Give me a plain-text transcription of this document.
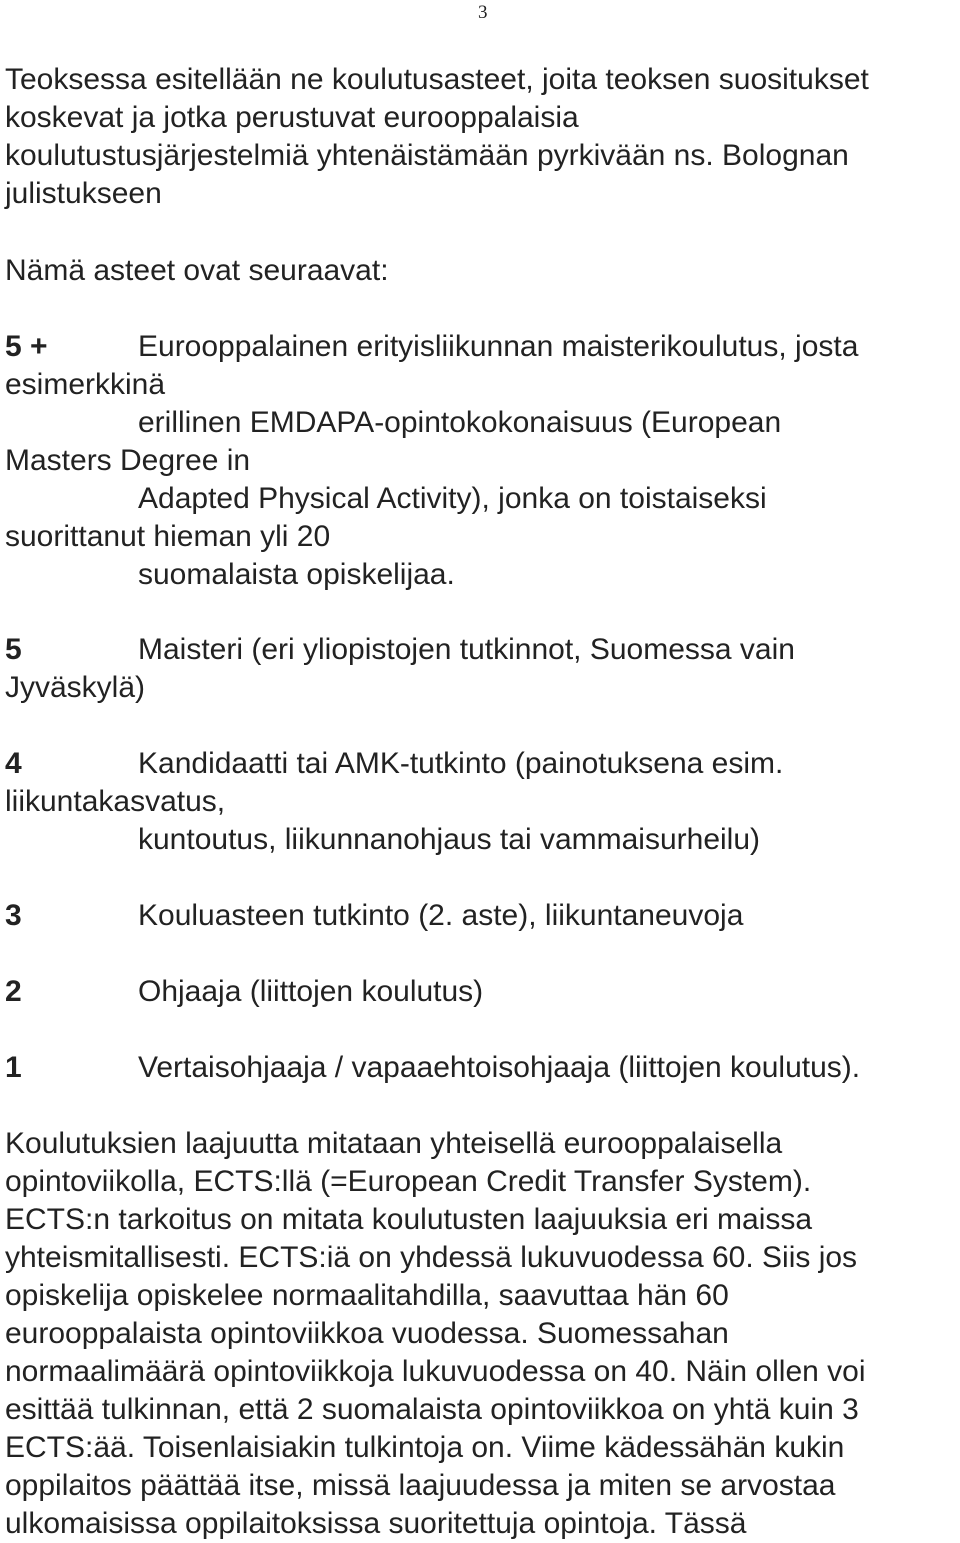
3
Teoksessa esitellään ne koulutusasteet, joita teoksen suositukset
koskevat ja jotka perustuvat eurooppalaisia
koulutustusjärjestelmiä yhtenäistämään pyrkivään ns. Bolognan
julistukseen
Nämä asteet ovat seuraavat:
5 +	Eurooppalainen erityisliikunnan maisterikoulutus, josta
esimerkkinä
erillinen EMDAPA-opintokokonaisuus (European
Masters Degree in
Adapted Physical Activity), jonka on toistaiseksi
suorittanut hieman yli 20
suomalaista opiskelijaa.
5	Maisteri (eri yliopistojen tutkinnot, Suomessa vain
Jyväskylä)
4	Kandidaatti tai AMK-tutkinto (painotuksena esim.
liikuntakasvatus,
kuntoutus, liikunnanohjaus tai vammaisurheilu)
3	Kouluasteen tutkinto (2. aste), liikuntaneuvoja
2	Ohjaaja (liittojen koulutus)
1	Vertaisohjaaja / vapaaehtoisohjaaja (liittojen koulutus).
Koulutuksien laajuutta mitataan yhteisellä eurooppalaisella
opintoviikolla, ECTS:llä (=European Credit Transfer System).
ECTS:n tarkoitus on mitata koulutusten laajuuksia eri maissa
yhteismitallisesti. ECTS:iä on yhdessä lukuvuodessa 60. Siis jos
opiskelija opiskelee normaalitahdilla, saavuttaa hän 60
eurooppalaista opintoviikkoa vuodessa. Suomessahan
normaalimäärä opintoviikkoja lukuvuodessa on 40. Näin ollen voi
esittää tulkinnan, että 2 suomalaista opintoviikkoa on yhtä kuin 3
ECTS:ää. Toisenlaisiakin tulkintoja on. Viime kädessähän kukin
oppilaitos päättää itse, missä laajuudessa ja miten se arvostaa
ulkomaisissa oppilaitoksissa suoritettuja opintoja. Tässä
